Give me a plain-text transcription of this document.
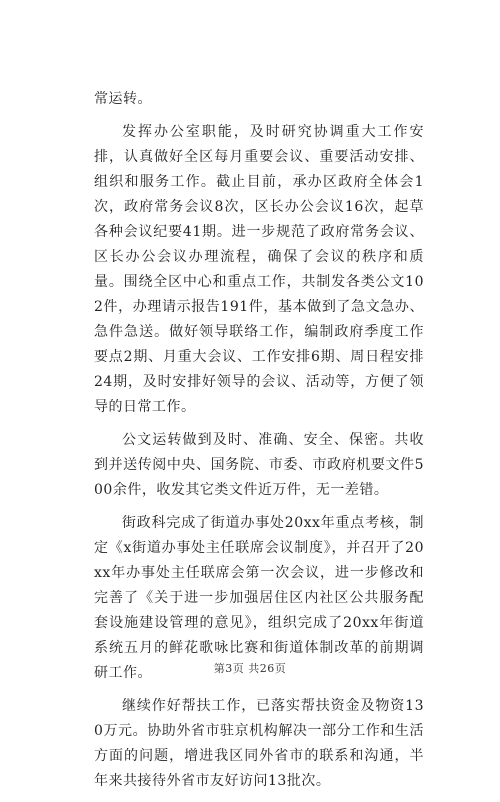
常运转。

发挥办公室职能，及时研究协调重大工作安排，认真做好全区每月重要会议、重要活动安排、组织和服务工作。截止目前，承办区政府全体会1次，政府常务会议8次，区长办公会议16次，起草各种会议纪要41期。进一步规范了政府常务会议、区长办公会议办理流程，确保了会议的秩序和质量。围绕全区中心和重点工作，共制发各类公文102件，办理请示报告191件，基本做到了急文急办、急件急送。做好领导联络工作，编制政府季度工作要点2期、月重大会议、工作安排6期、周日程安排24期，及时安排好领导的会议、活动等，方便了领导的日常工作。

公文运转做到及时、准确、安全、保密。共收到并送传阅中央、国务院、市委、市政府机要文件500余件，收发其它类文件近万件，无一差错。

街政科完成了街道办事处20xx年重点考核，制定《x街道办事处主任联席会议制度》，并召开了20xx年办事处主任联席会第一次会议，进一步修改和完善了《关于进一步加强居住区内社区公共服务配套设施建设管理的意见》，组织完成了20xx年街道系统五月的鲜花歌咏比赛和街道体制改革的前期调研工作。

继续作好帮扶工作，已落实帮扶资金及物资130万元。协助外省市驻京机构解决一部分工作和生活方面的问题，增进我区同外省市的联系和沟通，半年来共接待外省市友好访问13批次。

第3页 共26页
